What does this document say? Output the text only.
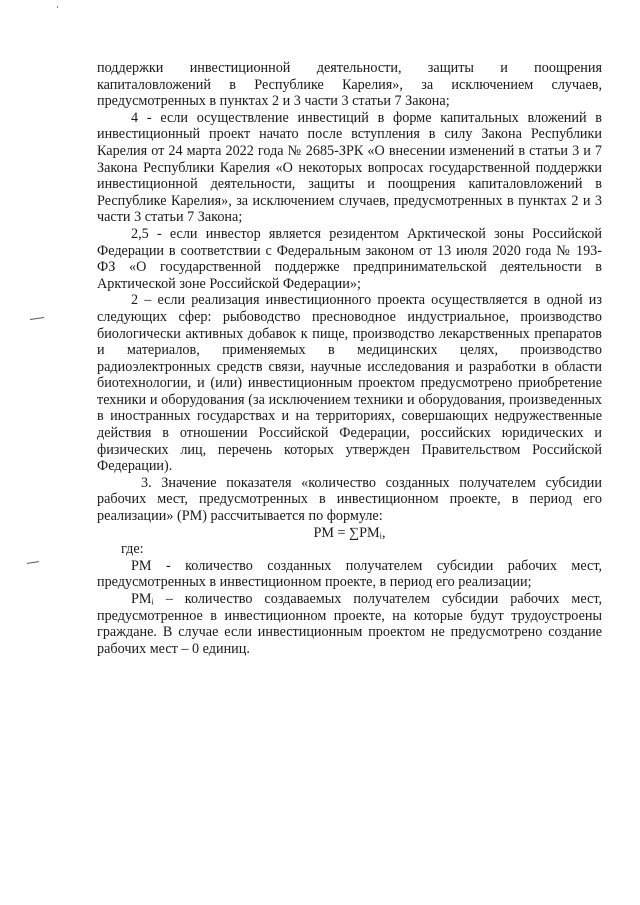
поддержки инвестиционной деятельности, защиты и поощрения капиталовложений в Республике Карелия», за исключением случаев, предусмотренных в пунктах 2 и 3 части 3 статьи 7 Закона;

4 - если осуществление инвестиций в форме капитальных вложений в инвестиционный проект начато после вступления в силу Закона Республики Карелия от 24 марта 2022 года № 2685-ЗРК «О внесении изменений в статьи 3 и 7 Закона Республики Карелия «О некоторых вопросах государственной поддержки инвестиционной деятельности, защиты и поощрения капиталовложений в Республике Карелия», за исключением случаев, предусмотренных в пунктах 2 и 3 части 3 статьи 7 Закона;

2,5 - если инвестор является резидентом Арктической зоны Российской Федерации в соответствии с Федеральным законом от 13 июля 2020 года № 193-ФЗ «О государственной поддержке предпринимательской деятельности в Арктической зоне Российской Федерации»;

2 – если реализация инвестиционного проекта осуществляется в одной из следующих сфер: рыбоводство пресноводное индустриальное, производство биологически активных добавок к пище, производство лекарственных препаратов и материалов, применяемых в медицинских целях, производство радиоэлектронных средств связи, научные исследования и разработки в области биотехнологии, и (или) инвестиционным проектом предусмотрено приобретение техники и оборудования (за исключением техники и оборудования, произведенных в иностранных государствах и на территориях, совершающих недружественные действия в отношении Российской Федерации, российских юридических и физических лиц, перечень которых утвержден Правительством Российской Федерации).

3. Значение показателя «количество созданных получателем субсидии рабочих мест, предусмотренных в инвестиционном проекте, в период его реализации» (РМ) рассчитывается по формуле:

РМ = ∑РМᵢ,

где:

РМ - количество созданных получателем субсидии рабочих мест, предусмотренных в инвестиционном проекте, в период его реализации;

РМᵢ – количество создаваемых получателем субсидии рабочих мест, предусмотренное в инвестиционном проекте, на которые будут трудоустроены граждане. В случае если инвестиционным проектом не предусмотрено создание рабочих мест – 0 единиц.
